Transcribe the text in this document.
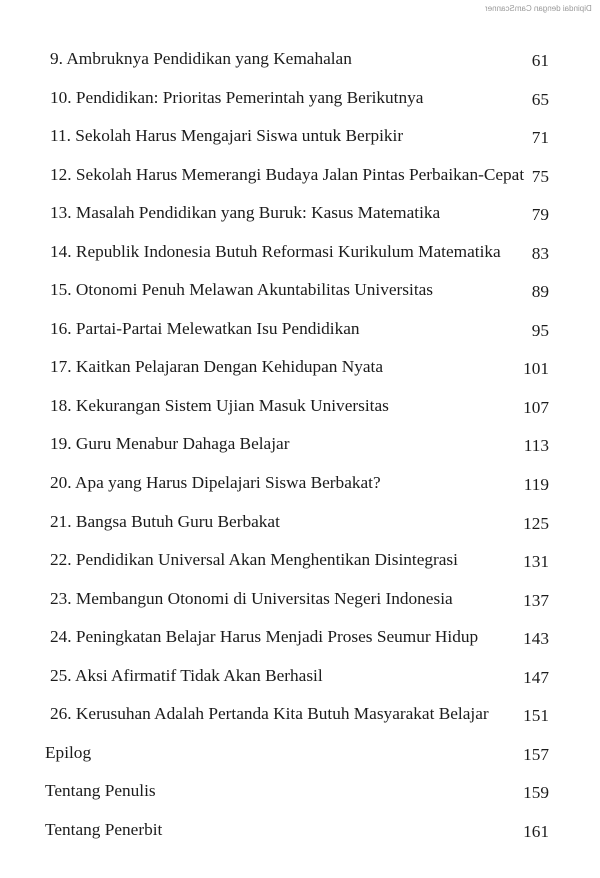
Dipindai dengan CamScanner
9. Ambruknya Pendidikan yang Kemahalan	61
10. Pendidikan: Prioritas Pemerintah yang Berikutnya	65
11. Sekolah Harus Mengajari Siswa untuk Berpikir	71
12. Sekolah Harus Memerangi Budaya Jalan Pintas Perbaikan-Cepat 75
13. Masalah Pendidikan yang Buruk: Kasus Matematika	79
14. Republik Indonesia Butuh Reformasi Kurikulum Matematika 83
15. Otonomi Penuh Melawan Akuntabilitas Universitas	89
16. Partai-Partai Melewatkan Isu Pendidikan	95
17. Kaitkan Pelajaran Dengan Kehidupan Nyata	101
18. Kekurangan Sistem Ujian Masuk Universitas	107
19. Guru Menabur Dahaga Belajar	113
20. Apa yang Harus Dipelajari Siswa Berbakat?	119
21. Bangsa Butuh Guru Berbakat	125
22. Pendidikan Universal Akan Menghentikan Disintegrasi	131
23. Membangun Otonomi di Universitas Negeri Indonesia	137
24. Peningkatan Belajar Harus Menjadi Proses Seumur Hidup	143
25. Aksi Afirmatif Tidak Akan Berhasil	147
26. Kerusuhan Adalah Pertanda Kita Butuh Masyarakat Belajar 151
Epilog	157
Tentang Penulis	159
Tentang Penerbit	161
